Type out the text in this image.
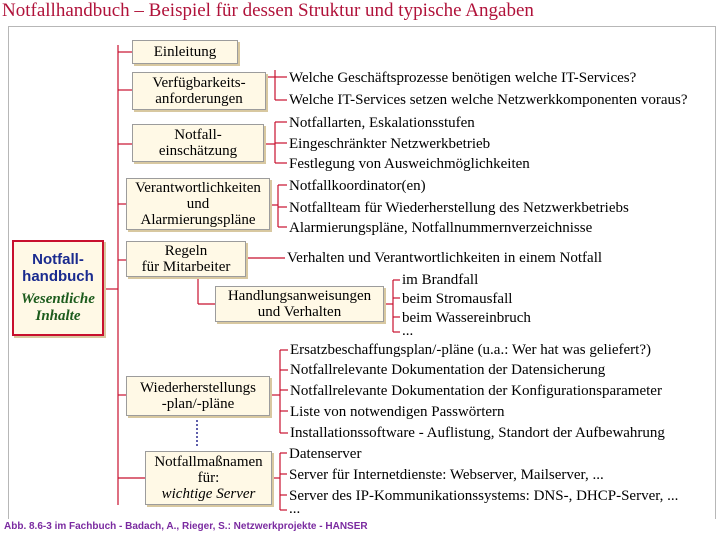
Notfallhandbuch – Beispiel für dessen Struktur und typische Angaben
Notfall-
handbuch
Wesentliche
Inhalte
Einleitung
Verfügbarkeits-
anforderungen
Notfall-
einschätzung
Verantwortlichkeiten
und
Alarmierungspläne
Regeln
für Mitarbeiter
Handlungsanweisungen
und Verhalten
Wiederherstellungs
-plan/-pläne
Notfallmaßnamen
für:
wichtige Server
Welche Geschäftsprozesse benötigen welche IT-Services?
Welche IT-Services setzen welche Netzwerkkomponenten voraus?
Notfallarten, Eskalationsstufen
Eingeschränkter Netzwerkbetrieb
Festlegung von Ausweichmöglichkeiten
Notfallkoordinator(en)
Notfallteam für Wiederherstellung des Netzwerkbetriebs
Alarmierungspläne, Notfallnummernverzeichnisse
Verhalten und Verantwortlichkeiten in einem Notfall
im Brandfall
beim Stromausfall
beim Wassereinbruch
...
Ersatzbeschaffungsplan/-pläne (u.a.: Wer hat was geliefert?)
Notfallrelevante Dokumentation der Datensicherung
Notfallrelevante Dokumentation der Konfigurationsparameter
Liste von notwendigen Passwörtern
Installationssoftware - Auflistung, Standort der Aufbewahrung
Datenserver
Server für Internetdienste: Webserver, Mailserver, ...
Server des IP-Kommunikationssystems: DNS-, DHCP-Server, ...
...
Abb. 8.6-3 im Fachbuch - Badach, A., Rieger, S.: Netzwerkprojekte - HANSER
